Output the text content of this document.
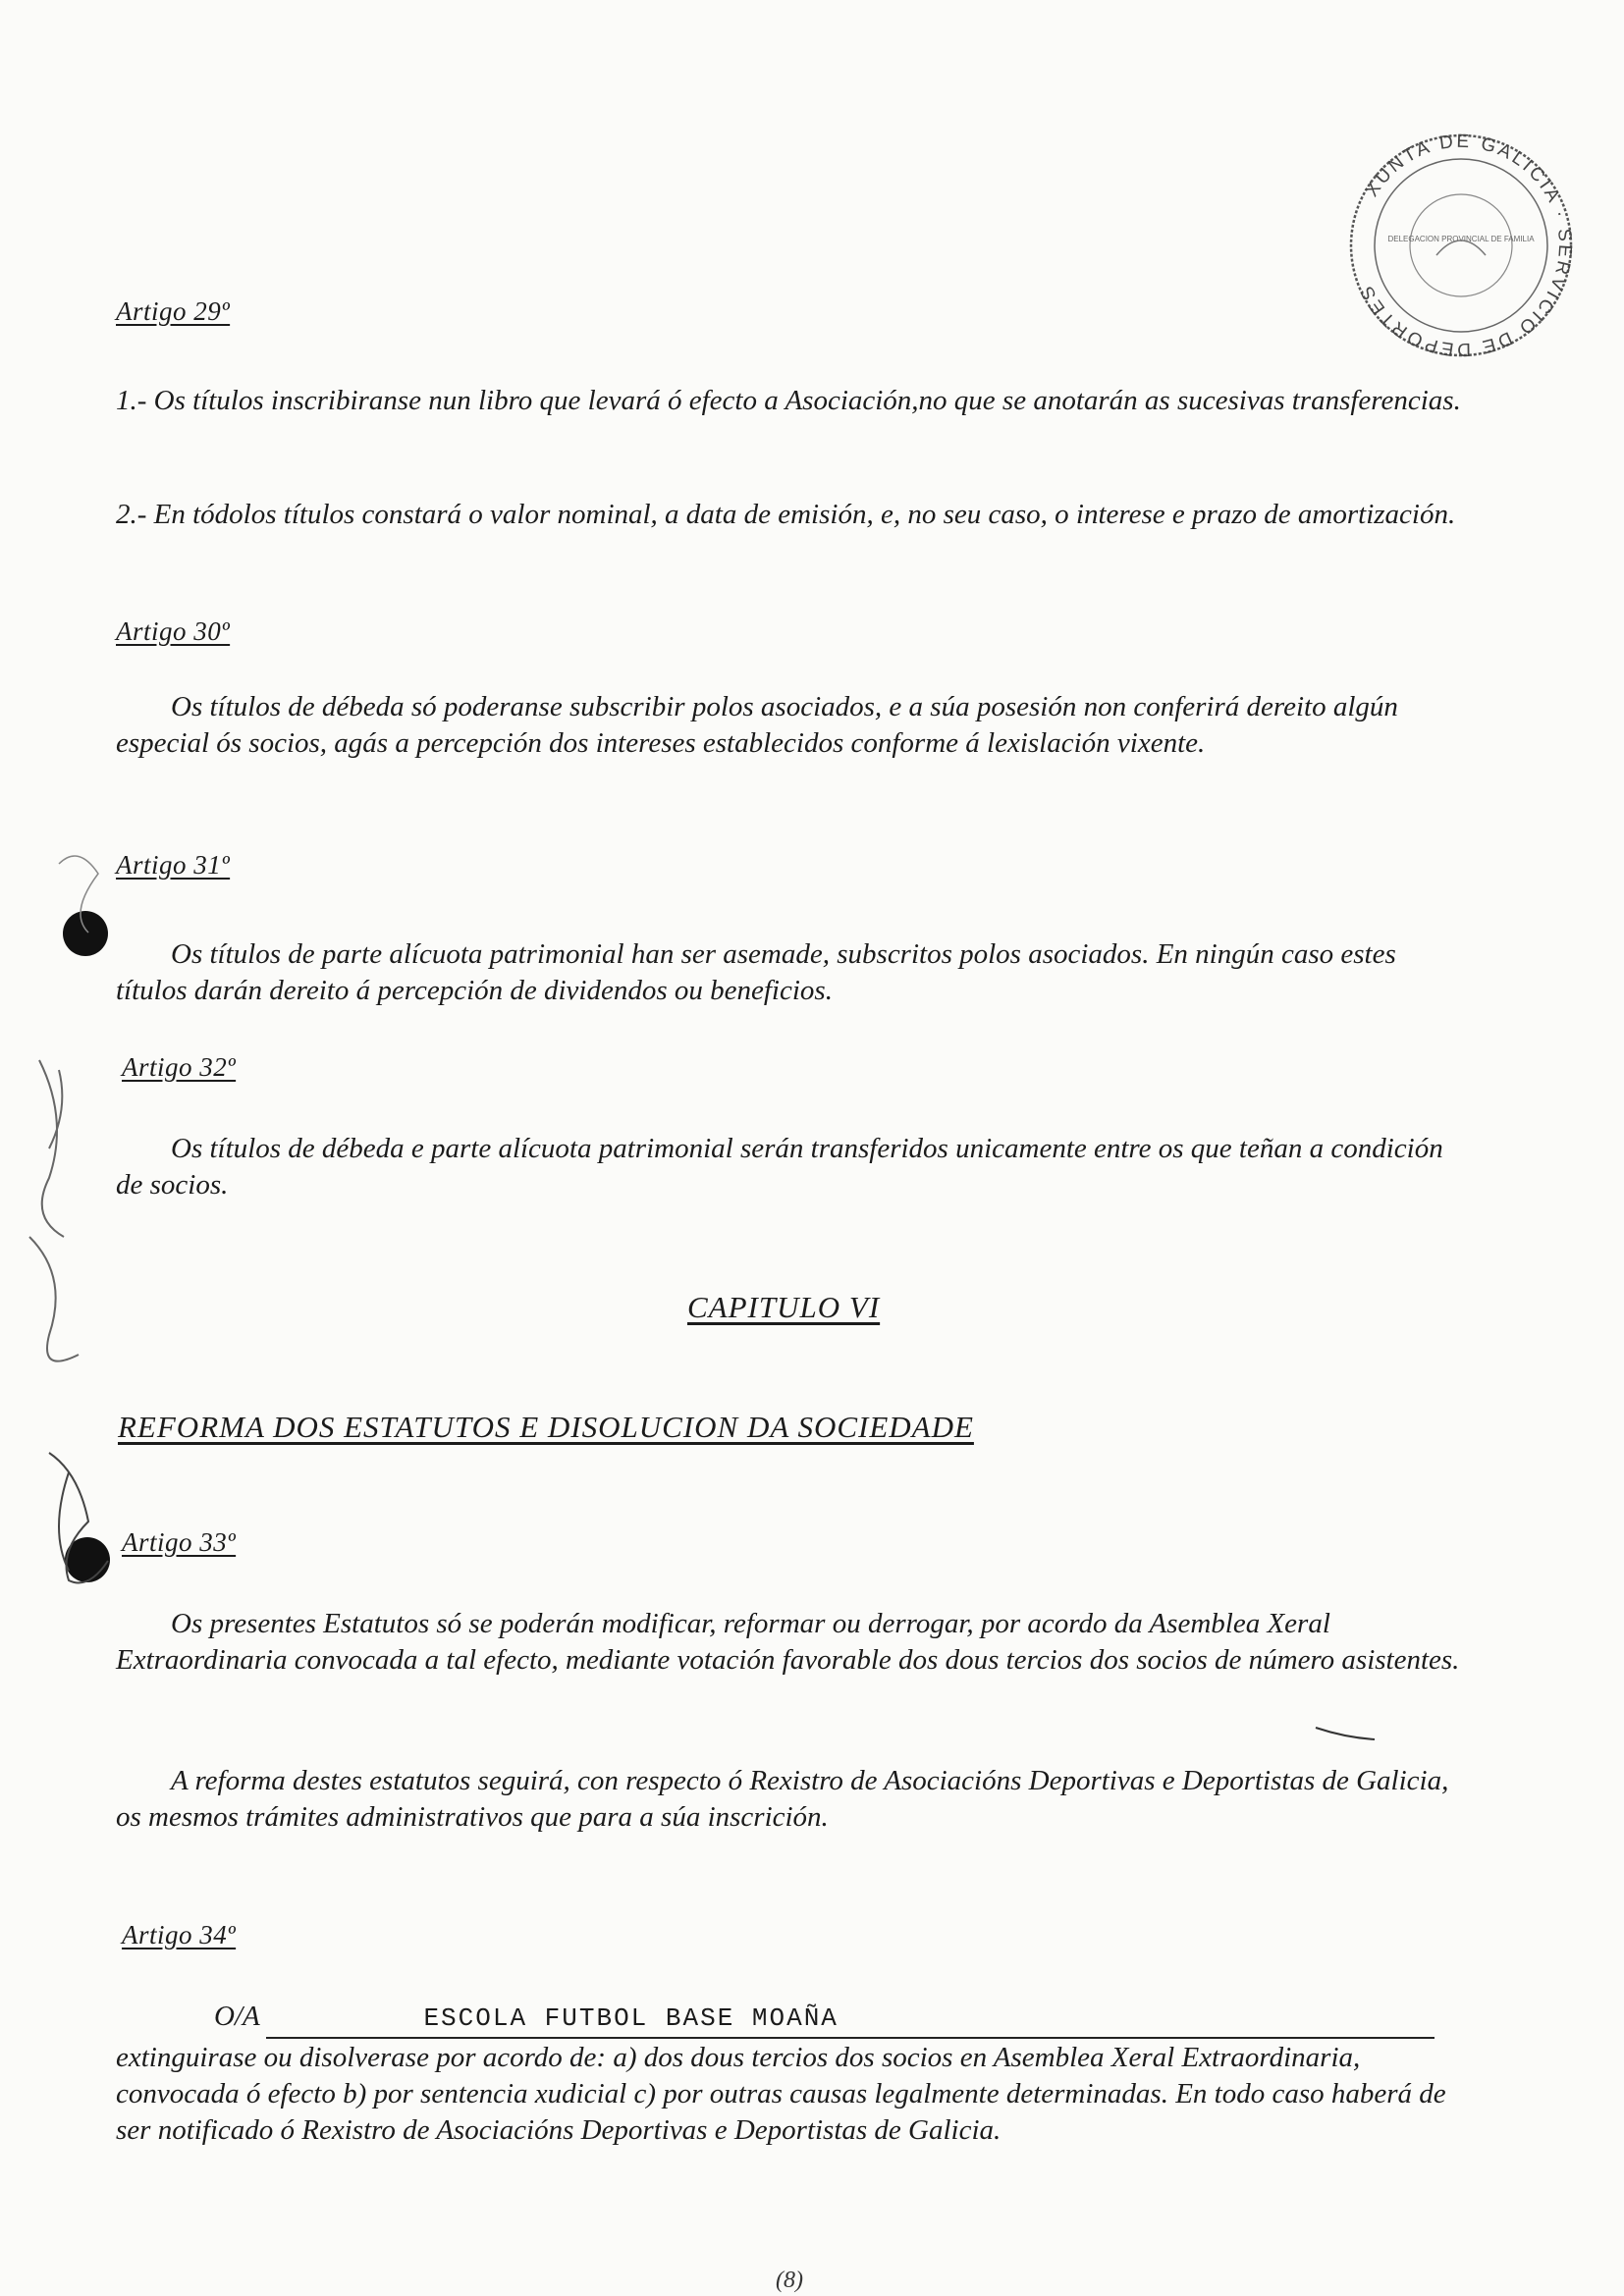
XUNTA DE GALICIA · SERVICIO DE DEPORTES
DELEGACION PROVINCIAL DE FAMILIA
Artigo 29º

1.- Os títulos inscribiranse nun libro que levará ó efecto a Asociación,no que se anotarán as sucesivas transferencias.

2.- En tódolos títulos constará o valor nominal, a data de emisión, e, no seu caso, o interese e prazo de amortización.

Artigo 30º

Os títulos de débeda só poderanse subscribir polos asociados, e a súa posesión non conferirá dereito algún especial ós socios, agás a percepción dos intereses establecidos conforme á lexislación vixente.

Artigo 31º

Os títulos de parte alícuota patrimonial han ser asemade, subscritos polos asociados. En ningún caso estes títulos darán dereito á percepción de dividendos ou beneficios.

Artigo 32º

Os títulos de débeda e parte alícuota patrimonial serán transferidos unicamente entre os que teñan a condición de socios.

CAPITULO VI
REFORMA DOS ESTATUTOS E DISOLUCION DA SOCIEDADE
Artigo 33º

Os presentes Estatutos só se poderán modificar, reformar ou derrogar, por acordo da Asemblea Xeral Extraordinaria convocada a tal efecto, mediante votación favorable dos dous tercios dos socios de número asistentes.

A reforma destes estatutos seguirá, con respecto ó Rexistro de Asociacións Deportivas e Deportistas de Galicia, os mesmos trámites administrativos que para a súa inscrición.

Artigo 34º

O/A	ESCOLA FUTBOL BASE MOAÑA

extinguirase ou disolverase por acordo de: a) dos dous tercios dos socios en Asemblea Xeral Extraordinaria, convocada ó efecto b) por sentencia xudicial c) por outras causas legalmente determinadas. En todo caso haberá de ser notificado ó Rexistro de Asociacións Deportivas e Deportistas de Galicia.

(8)
